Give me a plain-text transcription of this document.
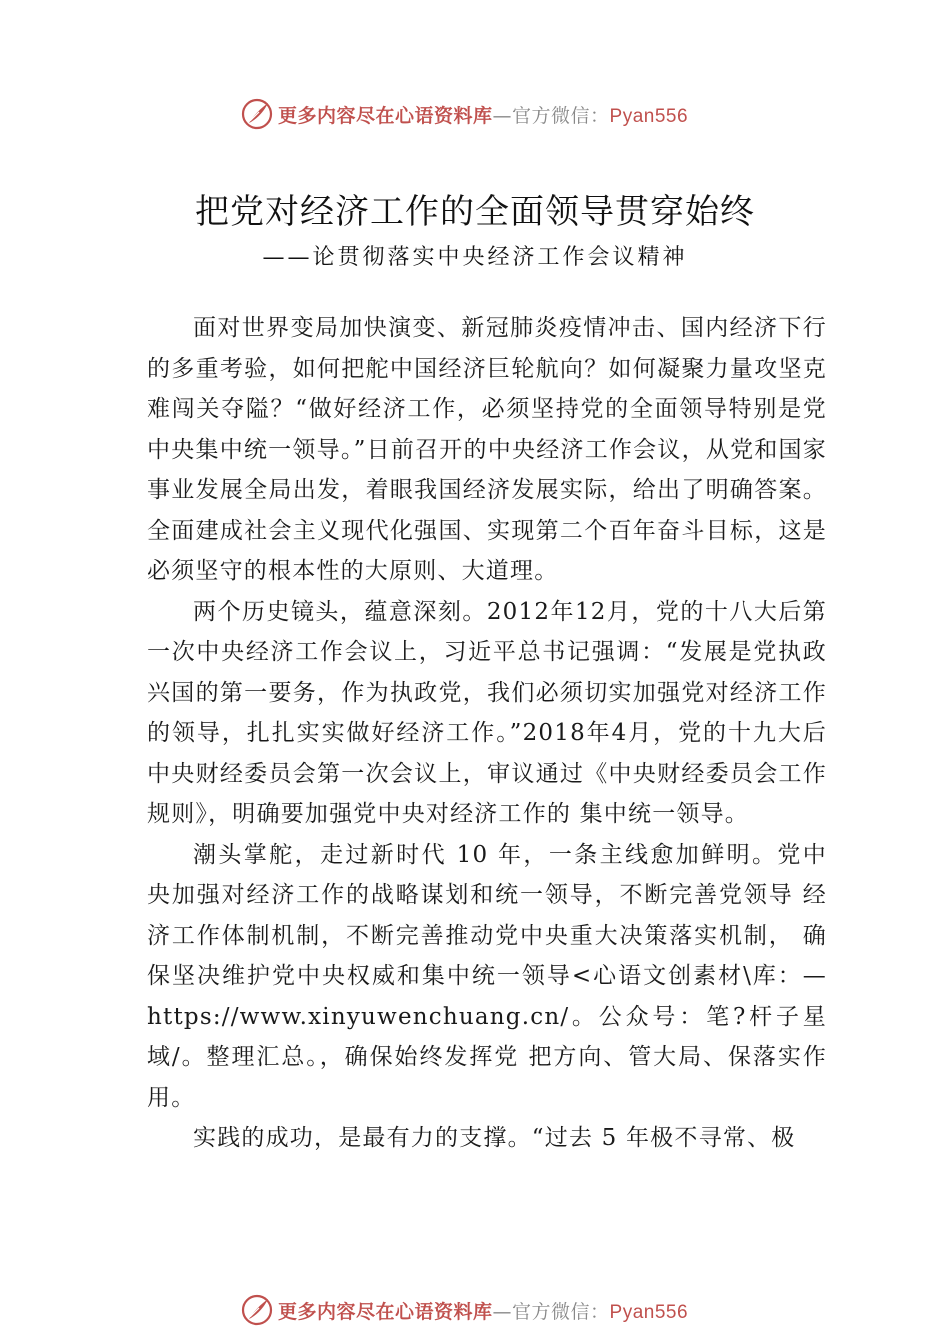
更多内容尽在心语资料库—官方微信：Pyan556
把党对经济工作的全面领导贯穿始终
——论贯彻落实中央经济工作会议精神

面对世界变局加快演变、新冠肺炎疫情冲击、国内经济下行的多重考验，如何把舵中国经济巨轮航向？如何凝聚力量攻坚克难闯关夺隘？“做好经济工作，必须坚持党的全面领导特别是党中央集中统一领导。”日前召开的中央经济工作会议，从党和国家事业发展全局出发，着眼我国经济发展实际，给出了明确答案。全面建成社会主义现代化强国、实现第二个百年奋斗目标，这是必须坚守的根本性的大原则、大道理。

两个历史镜头，蕴意深刻。2012年12月，党的十八大后第一次中央经济工作会议上，习近平总书记强调：“发展是党执政兴国的第一要务，作为执政党，我们必须切实加强党对经济工作的领导，扎扎实实做好经济工作。”2018年4月，党的十九大后中央财经委员会第一次会议上，审议通过《中央财经委员会工作规则》，明确要加强党中央对经济工作的 集中统一领导。

潮头掌舵，走过新时代 10 年，一条主线愈加鲜明。党中 央加强对经济工作的战略谋划和统一领导，不断完善党领导 经济工作体制机制，不断完善推动党中央重大决策落实机制， 确保坚决维护党中央权威和集中统一领导<心语文创素材\库：—https://www.xinyuwenchuang.cn/。公众号：笔?杆子星域/。整理汇总。，确保始终发挥党 把方向、管大局、保落实作用。

实践的成功，是最有力的支撑。“过去 5 年极不寻常、极

更多内容尽在心语资料库—官方微信：Pyan556
